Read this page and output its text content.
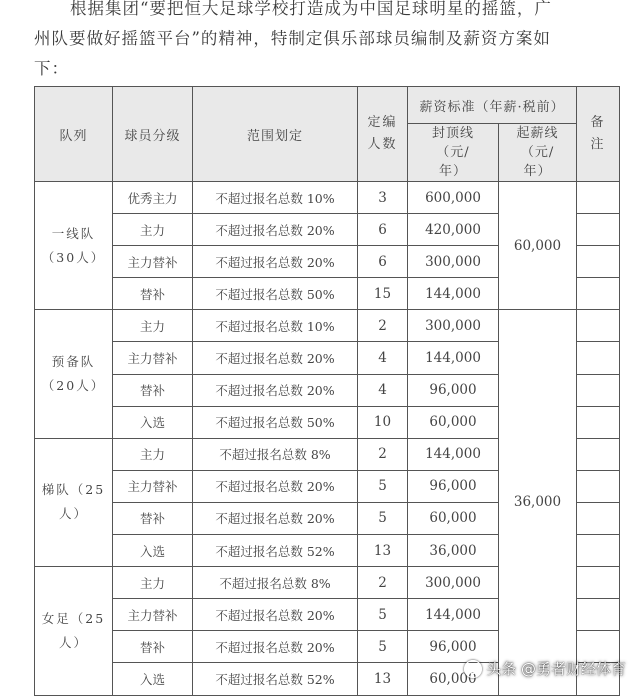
根据集团“要把恒大足球学校打造成为中国足球明星的摇篮，广

州队要做好摇篮平台”的精神，特制定俱乐部球员编制及薪资方案如

下：

队列	球员分级	范围划定	定编人数	薪资标准（年薪·税前）		备注
				封顶线（元/年）	起薪线（元/年）	
一线队（30人）	优秀主力	不超过报名总数 10%	3	600,000	60,000	
	主力	不超过报名总数 20%	6	420,000		
	主力替补	不超过报名总数 20%	6	300,000		
	替补	不超过报名总数 50%	15	144,000		
预备队（20人）	主力	不超过报名总数 10%	2	300,000	36,000	
	主力替补	不超过报名总数 20%	4	144,000		
	替补	不超过报名总数 20%	4	96,000		
	入选	不超过报名总数 50%	10	60,000		
梯队（25人）	主力	不超过报名总数 8%	2	144,000		
	主力替补	不超过报名总数 20%	5	96,000		
	替补	不超过报名总数 20%	5	60,000		
	入选	不超过报名总数 52%	13	36,000		
女足（25人）	主力	不超过报名总数 8%	2	300,000		
	主力替补	不超过报名总数 20%	5	144,000		
	替补	不超过报名总数 20%	5	96,000		
	入选	不超过报名总数 52%	13	60,000		
头条 @勇者财经体育
